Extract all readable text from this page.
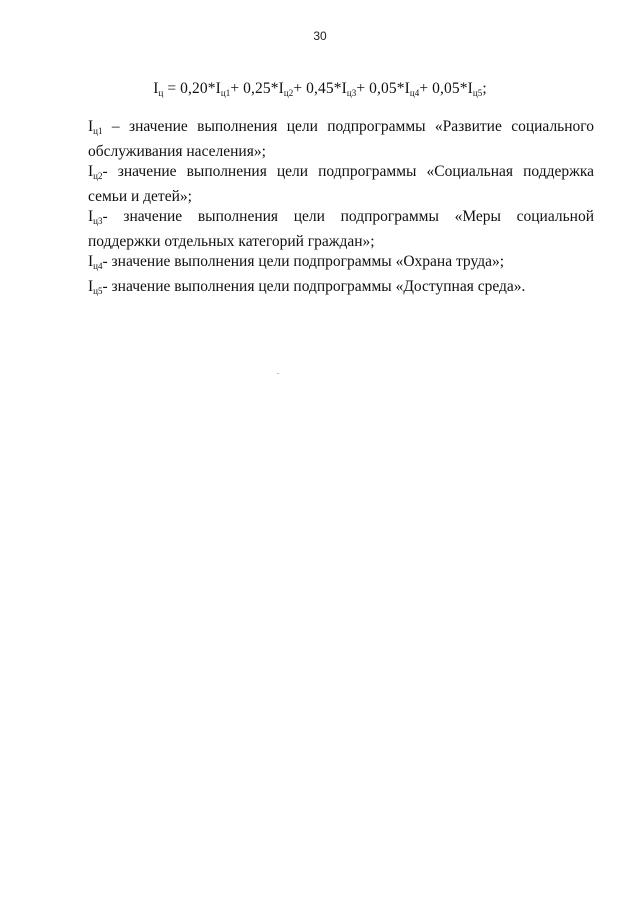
30
$I_ц = 0,20*I_{ц1}+ 0,25*I_{ц2}+ 0,45*I_{ц3}+ 0,05*I_{ц4}+ 0,05*I_{ц5}$;

$I_{ц1}$ – значение выполнения цели подпрограммы «Развитие социального обслуживания населения»;

$I_{ц2}-$ значение выполнения цели подпрограммы «Социальная поддержка семьи и детей»;

$I_{ц3}-$ значение выполнения цели подпрограммы «Меры социальной поддержки отдельных категорий граждан»;

$I_{ц4}-$ значение выполнения цели подпрограммы «Охрана труда»;

$I_{ц5}-$ значение выполнения цели подпрограммы «Доступная среда».
